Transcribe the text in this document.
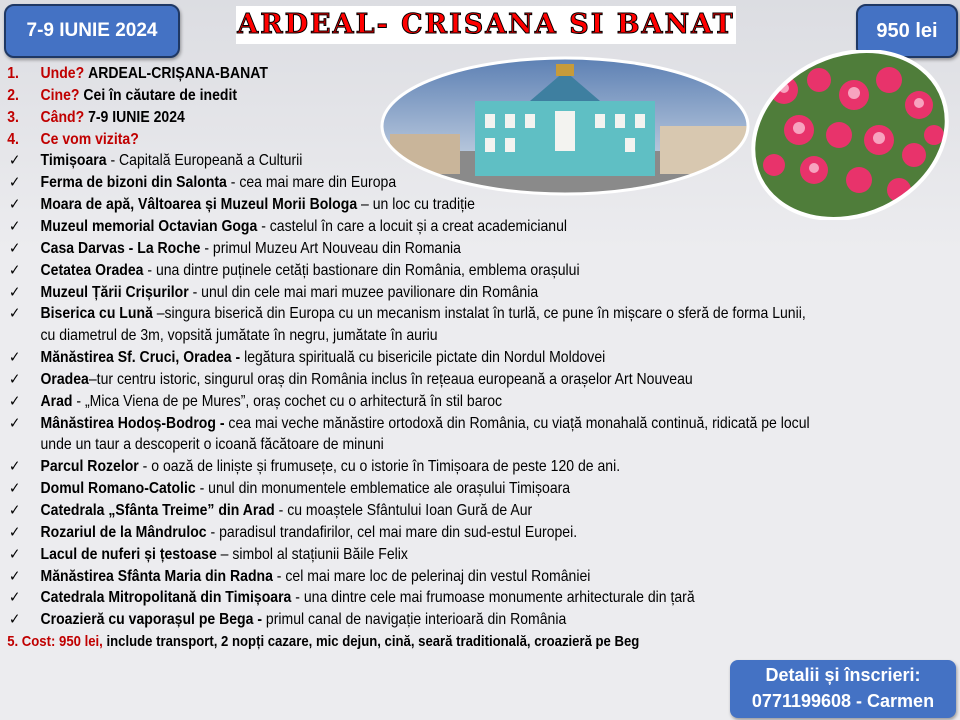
7-9 IUNIE 2024	ARDEAL- CRISANA SI BANAT	950 lei
1. Unde? ARDEAL-CRIȘANA-BANAT
2. Cine? Cei în căutare de inedit
3. Când? 7-9 IUNIE 2024
4. Ce vom vizita?
✓ Timișoara - Capitală Europeană a Culturii
✓ Ferma de bizoni din Salonta - cea mai mare din Europa
✓ Moara de apă, Vâltoarea și Muzeul Morii Bologa – un loc cu tradiție
✓ Muzeul memorial Octavian Goga - castelul în care a locuit și a creat academicianul
✓ Casa Darvas - La Roche - primul Muzeu Art Nouveau din Romania
✓ Cetatea Oradea - una dintre puținele cetăți bastionare din România, emblema orașului
✓ Muzeul Țării Crișurilor - unul din cele mai mari muzee pavilionare din România
✓ Biserica cu Lună –singura biserică din Europa cu un mecanism instalat în turlă, ce pune în mișcare o sferă de forma Lunii,
cu diametrul de 3m, vopsită jumătate în negru, jumătate în auriu
✓ Mănăstirea Sf. Cruci, Oradea - legătura spirituală cu bisericile pictate din Nordul Moldovei
✓ Oradea–tur centru istoric, singurul oraș din România inclus în rețeaua europeană a orașelor Art Nouveau
✓ Arad - „Mica Viena de pe Mures”, oraș cochet cu o arhitectură în stil baroc
✓ Mânăstirea Hodoș-Bodrog - cea mai veche mănăstire ortodoxă din România, cu viață monahală continuă, ridicată pe locul
unde un taur a descoperit o icoană făcătoare de minuni
✓ Parcul Rozelor - o oază de liniște și frumusețe, cu o istorie în Timișoara de peste 120 de ani.
✓ Domul Romano-Catolic - unul din monumentele emblematice ale orașului Timișoara
✓ Catedrala „Sfânta Treime” din Arad - cu moaștele Sfântului Ioan Gură de Aur
✓ Rozariul de la Mândruloc - paradisul trandafirilor, cel mai mare din sud-estul Europei.
✓ Lacul de nuferi și țestoase – simbol al stațiunii Băile Felix
✓ Mănăstirea Sfânta Maria din Radna - cel mai mare loc de pelerinaj din vestul României
✓ Catedrala Mitropolitană din Timișoara - una dintre cele mai frumoase monumente arhitecturale din țară
✓ Croazieră cu vaporașul pe Bega - primul canal de navigație interioară din România
5. Cost: 950 lei, include transport, 2 nopți cazare, mic dejun, cină, seară traditională, croazieră pe Beg
Detalii și înscrieri:
0771199608 - Carmen
